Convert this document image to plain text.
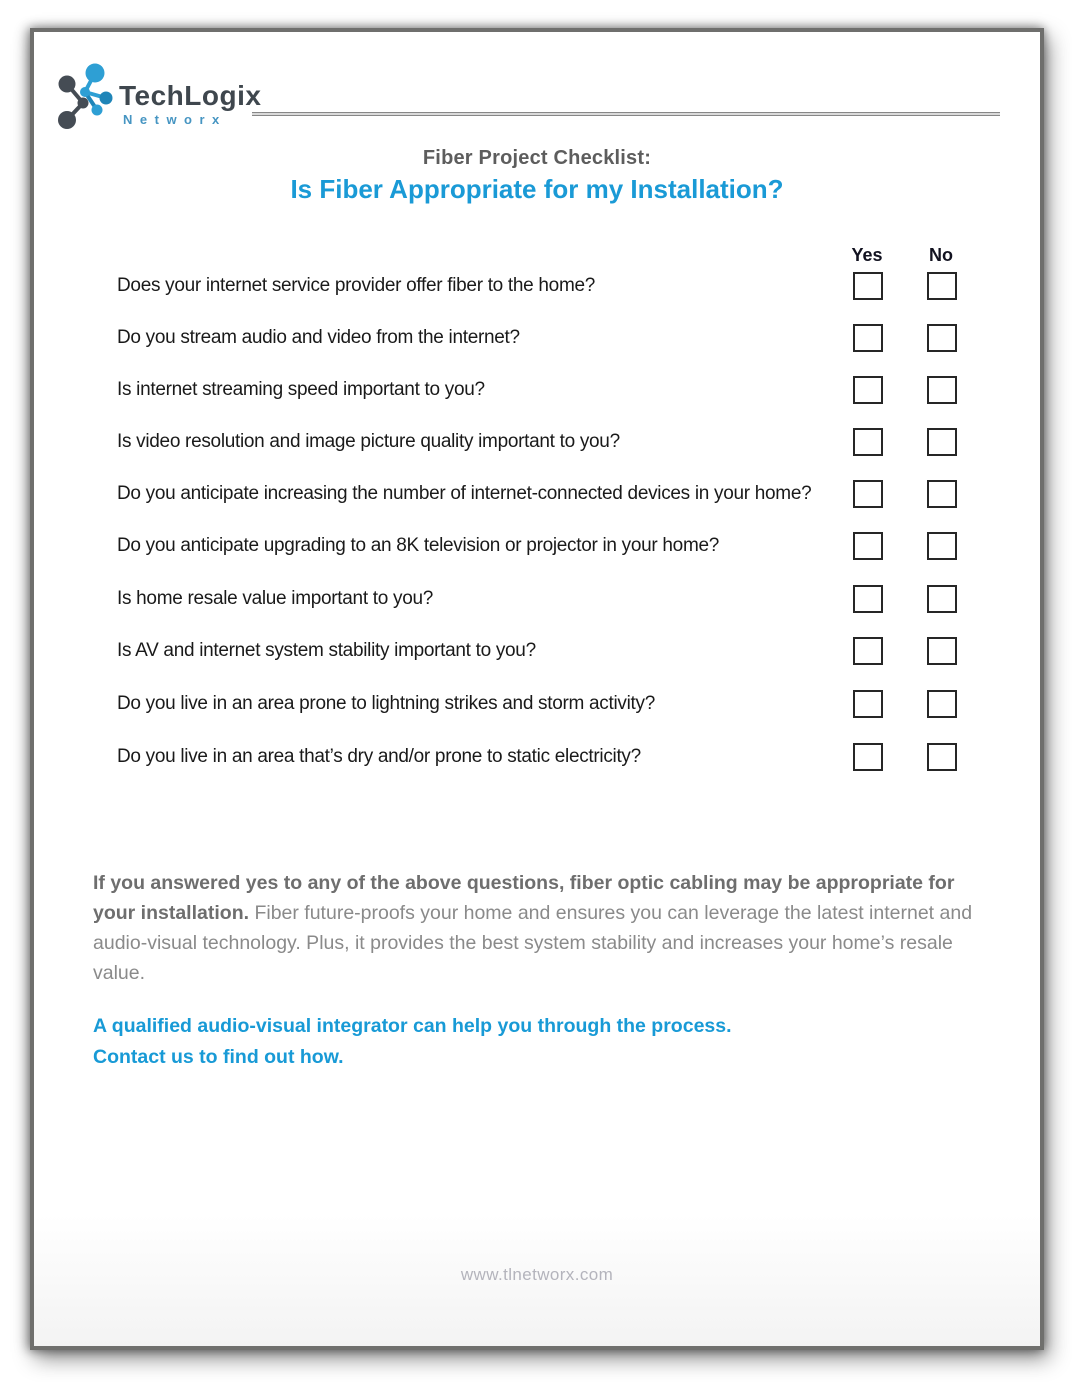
TechLogix
Networx
Fiber Project Checklist:
Is Fiber Appropriate for my Installation?
Yes	No
Does your internet service provider offer fiber to the home?
Do you stream audio and video from the internet?
Is internet streaming speed important to you?
Is video resolution and image picture quality important to you?
Do you anticipate increasing the number of internet-connected devices in your home?
Do you anticipate upgrading to an 8K television or projector in your home?
Is home resale value important to you?
Is AV and internet system stability important to you?
Do you live in an area prone to lightning strikes and storm activity?
Do you live in an area that’s dry and/or prone to static electricity?
If you answered yes to any of the above questions, fiber optic cabling may be appropriate for your installation. Fiber future-proofs your home and ensures you can leverage the latest internet and audio-visual technology. Plus, it provides the best system stability and increases your home’s resale value.
A qualified audio-visual integrator can help you through the process.
Contact us to find out how.
www.tlnetworx.com
